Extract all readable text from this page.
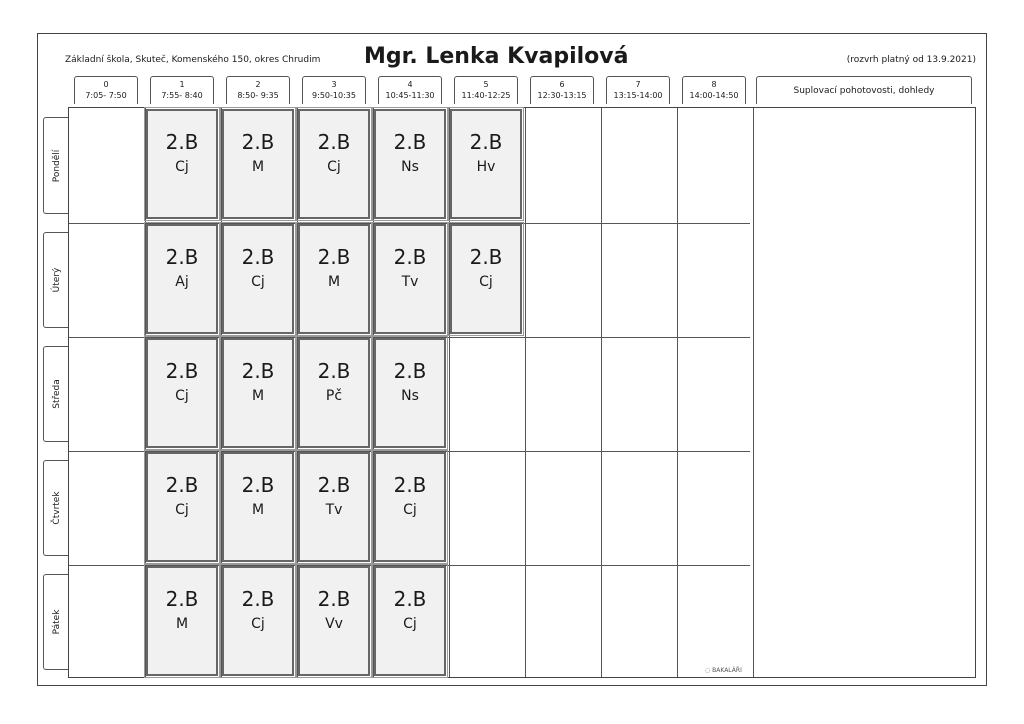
Základní škola, Skuteč, Komenského 150, okres Chrudim Mgr. Lenka Kvapilová	(rozvrh platný od 13.9.2021)
0
7:05- 7:50
1
7:55- 8:40
2
8:50- 9:35
3
9:50-10:35
4
10:45-11:30
5
11:40-12:25
6
12:30-13:15
7
13:15-14:00
8
14:00-14:50	Suplovací pohotovosti, dohledy
Pondělí
Úterý
Středa
Čtvrtek
Pátek
2.B
Cj
2.B
M
2.B
Cj
2.B
Ns
2.B
Hv
2.B
Aj
2.B
Cj
2.B
M
2.B
Tv
2.B
Cj
2.B
Cj
2.B
M
2.B
Pč
2.B
Ns
2.B
Cj
2.B
M
2.B
Tv
2.B
Cj
2.B
M
2.B
Cj
2.B
Vv
2.B
Cj
◌ BAKALÁŘI
